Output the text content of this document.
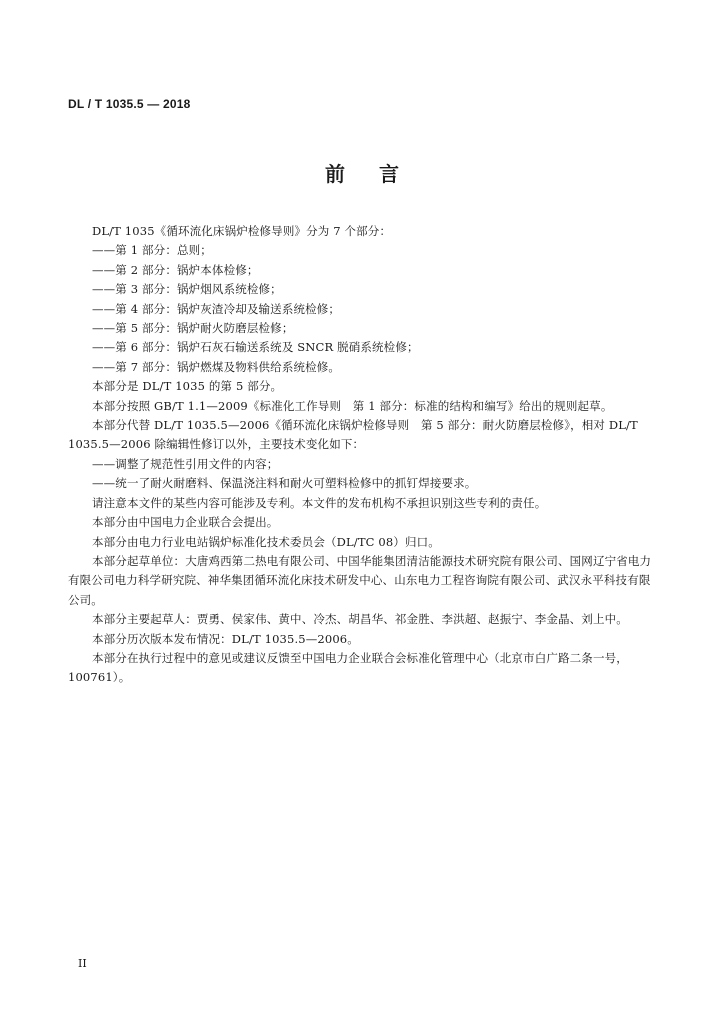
DL / T 1035.5 — 2018
前 言

DL/T 1035《循环流化床锅炉检修导则》分为 7 个部分：

——第 1 部分：总则；

——第 2 部分：锅炉本体检修；

——第 3 部分：锅炉烟风系统检修；

——第 4 部分：锅炉灰渣冷却及输送系统检修；

——第 5 部分：锅炉耐火防磨层检修；

——第 6 部分：锅炉石灰石输送系统及 SNCR 脱硝系统检修；

——第 7 部分：锅炉燃煤及物料供给系统检修。

本部分是 DL/T 1035 的第 5 部分。

本部分按照 GB/T 1.1—2009《标准化工作导则　第 1 部分：标准的结构和编写》给出的规则起草。

本部分代替 DL/T 1035.5—2006《循环流化床锅炉检修导则　第 5 部分：耐火防磨层检修》，相对 DL/T 1035.5—2006 除编辑性修订以外，主要技术变化如下：

——调整了规范性引用文件的内容；

——统一了耐火耐磨料、保温浇注料和耐火可塑料检修中的抓钉焊接要求。

请注意本文件的某些内容可能涉及专利。本文件的发布机构不承担识别这些专利的责任。

本部分由中国电力企业联合会提出。

本部分由电力行业电站锅炉标准化技术委员会（DL/TC 08）归口。

本部分起草单位：大唐鸡西第二热电有限公司、中国华能集团清洁能源技术研究院有限公司、国网辽宁省电力有限公司电力科学研究院、神华集团循环流化床技术研发中心、山东电力工程咨询院有限公司、武汉永平科技有限公司。

本部分主要起草人：贾勇、侯家伟、黄中、冷杰、胡昌华、祁金胜、李洪超、赵振宁、李金晶、刘上中。

本部分历次版本发布情况：DL/T 1035.5—2006。

本部分在执行过程中的意见或建议反馈至中国电力企业联合会标准化管理中心（北京市白广路二条一号，100761）。

II
